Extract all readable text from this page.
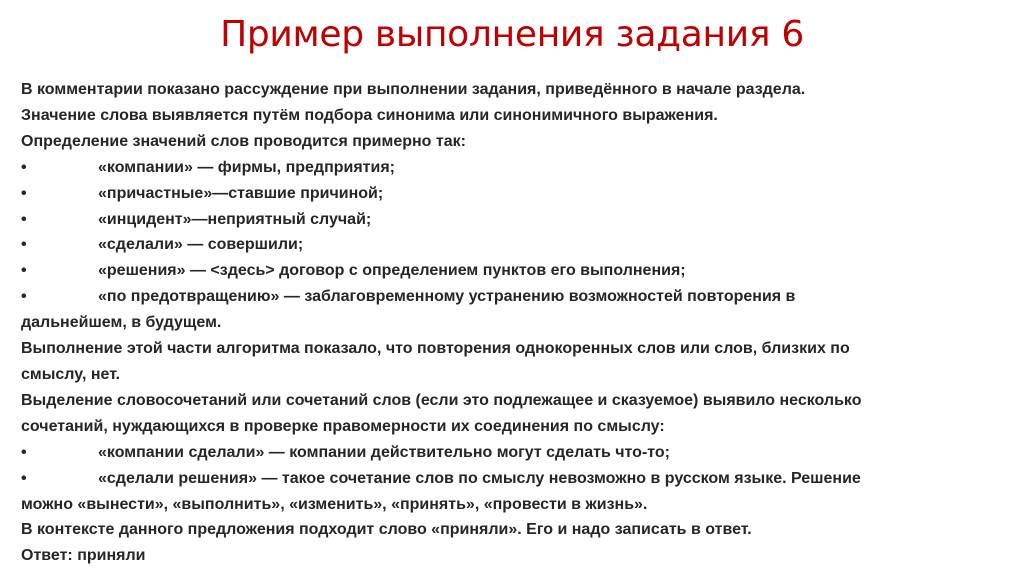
Пример выполнения задания 6
В комментарии показано рассуждение при выполнении задания, приведённого в начале раздела.
Значение слова выявляется путём подбора синонима или синонимичного выражения.
Определение значений слов проводится примерно так:
•	«компании» — фирмы, предприятия;
•	«причастные»—ставшие причиной;
•	«инцидент»—неприятный случай;
•	«сделали» — совершили;
•	«решения» — <здесь> договор с определением пунктов его выполнения;
•	«по предотвращению» — заблаговременному устранению возможностей повторения в
дальнейшем, в будущем.
Выполнение этой части алгоритма показало, что повторения однокоренных слов или слов, близких по
смыслу, нет.
Выделение словосочетаний или сочетаний слов (если это подлежащее и сказуемое) выявило несколько
сочетаний, нуждающихся в проверке правомерности их соединения по смыслу:
•	«компании сделали» — компании действительно могут сделать что-то;
•	«сделали решения» — такое сочетание слов по смыслу невозможно в русском языке. Решение
можно «вынести», «выполнить», «изменить», «принять», «провести в жизнь».
В контексте данного предложения подходит слово «приняли». Его и надо записать в ответ.
Ответ: приняли
